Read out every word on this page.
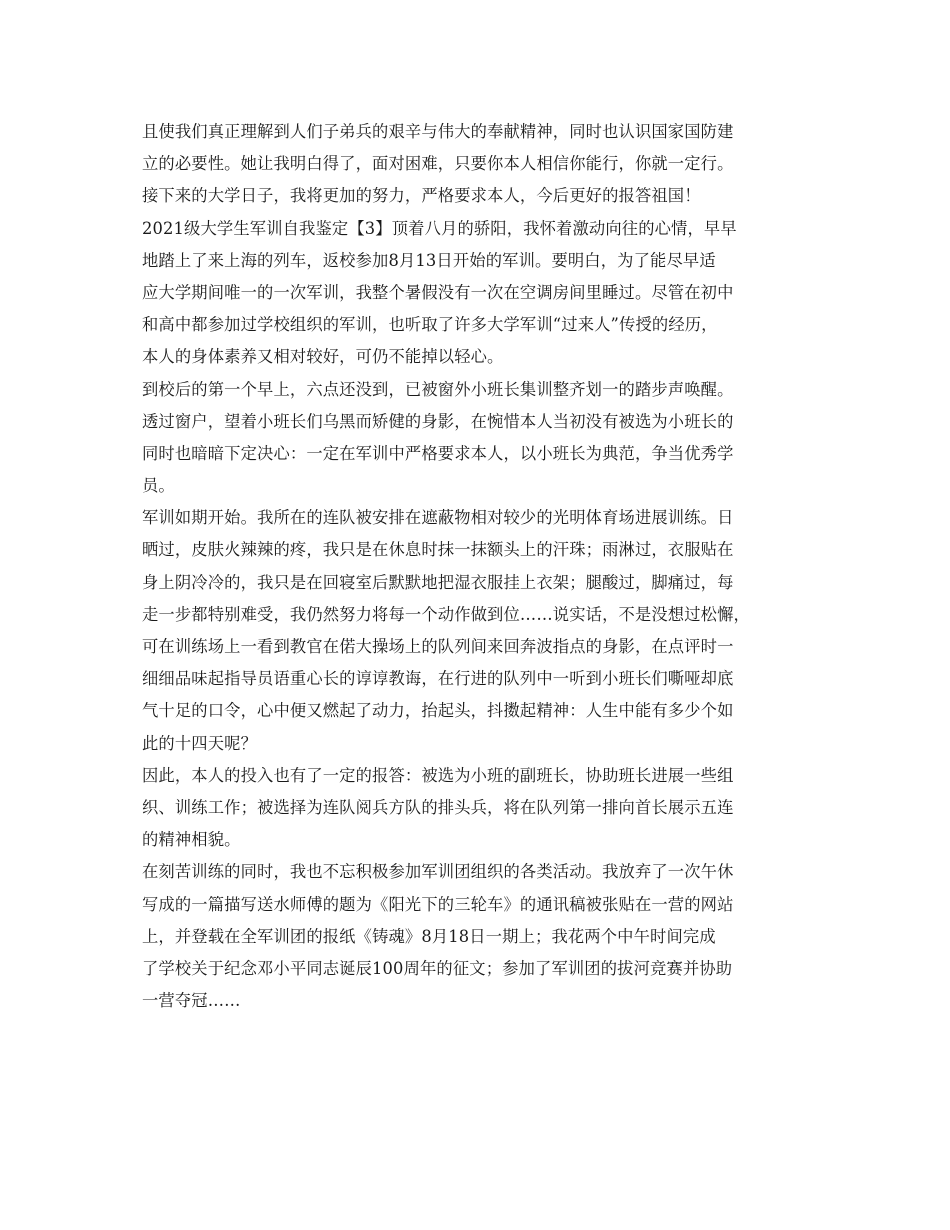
且使我们真正理解到人们子弟兵的艰辛与伟大的奉献精神，同时也认识国家国防建
立的必要性。她让我明白得了，面对困难，只要你本人相信你能行，你就一定行。
接下来的大学日子，我将更加的努力，严格要求本人，今后更好的报答祖国！
2021级大学生军训自我鉴定【3】顶着八月的骄阳，我怀着激动向往的心情，早早
地踏上了来上海的列车，返校参加8月13日开始的军训。要明白，为了能尽早适
应大学期间唯一的一次军训，我整个暑假没有一次在空调房间里睡过。尽管在初中
和高中都参加过学校组织的军训，也听取了许多大学军训“过来人”传授的经历，
本人的身体素养又相对较好，可仍不能掉以轻心。
到校后的第一个早上，六点还没到，已被窗外小班长集训整齐划一的踏步声唤醒。
透过窗户，望着小班长们乌黑而矫健的身影，在惋惜本人当初没有被选为小班长的
同时也暗暗下定决心：一定在军训中严格要求本人，以小班长为典范，争当优秀学
员。
军训如期开始。我所在的连队被安排在遮蔽物相对较少的光明体育场进展训练。日
晒过，皮肤火辣辣的疼，我只是在休息时抹一抹额头上的汗珠；雨淋过，衣服贴在
身上阴冷冷的，我只是在回寝室后默默地把湿衣服挂上衣架；腿酸过，脚痛过，每
走一步都特别难受，我仍然努力将每一个动作做到位……说实话，不是没想过松懈，
可在训练场上一看到教官在偌大操场上的队列间来回奔波指点的身影，在点评时一
细细品味起指导员语重心长的谆谆教诲，在行进的队列中一听到小班长们嘶哑却底
气十足的口令，心中便又燃起了动力，抬起头，抖擞起精神：人生中能有多少个如
此的十四天呢？
因此，本人的投入也有了一定的报答：被选为小班的副班长，协助班长进展一些组
织、训练工作；被选择为连队阅兵方队的排头兵，将在队列第一排向首长展示五连
的精神相貌。
在刻苦训练的同时，我也不忘积极参加军训团组织的各类活动。我放弃了一次午休
写成的一篇描写送水师傅的题为《阳光下的三轮车》的通讯稿被张贴在一营的网站
上，并登载在全军训团的报纸《铸魂》8月18日一期上；我花两个中午时间完成
了学校关于纪念邓小平同志诞辰100周年的征文；参加了军训团的拔河竞赛并协助
一营夺冠……
